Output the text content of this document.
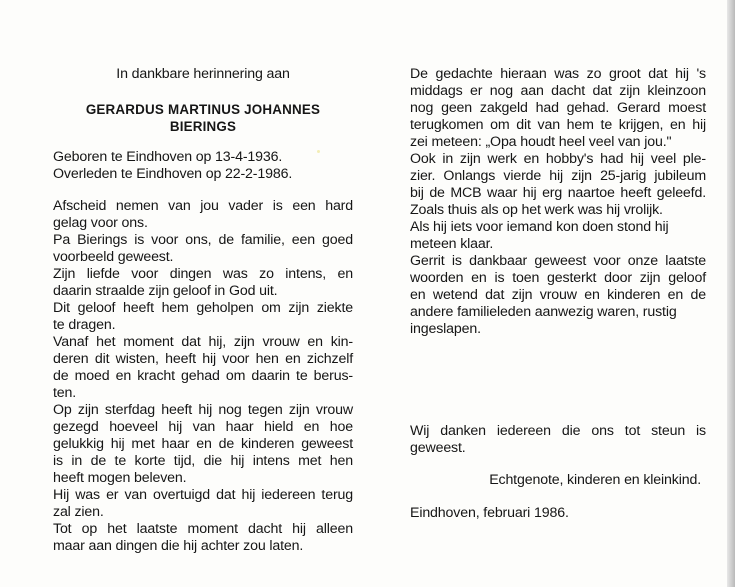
In dankbare herinnering aan
GERARDUS MARTINUS JOHANNES
BIERINGS
Geboren te Eindhoven op 13-4-1936.
Overleden te Eindhoven op 22-2-1986.
Afscheid nemen van jou vader is een hard
gelag voor ons.
Pa Bierings is voor ons, de familie, een goed
voorbeeld geweest.
Zijn liefde voor dingen was zo intens, en
daarin straalde zijn geloof in God uit.
Dit geloof heeft hem geholpen om zijn ziekte
te dragen.
Vanaf het moment dat hij, zijn vrouw en kin-
deren dit wisten, heeft hij voor hen en zichzelf
de moed en kracht gehad om daarin te berus-
ten.
Op zijn sterfdag heeft hij nog tegen zijn vrouw
gezegd hoeveel hij van haar hield en hoe
gelukkig hij met haar en de kinderen geweest
is in de te korte tijd, die hij intens met hen
heeft mogen beleven.
Hij was er van overtuigd dat hij iedereen terug
zal zien.
Tot op het laatste moment dacht hij alleen
maar aan dingen die hij achter zou laten.
De gedachte hieraan was zo groot dat hij 's
middags er nog aan dacht dat zijn kleinzoon
nog geen zakgeld had gehad. Gerard moest
terugkomen om dit van hem te krijgen, en hij
zei meteen: „Opa houdt heel veel van jou."
Ook in zijn werk en hobby's had hij veel ple-
zier. Onlangs vierde hij zijn 25-jarig jubileum
bij de MCB waar hij erg naartoe heeft geleefd.
Zoals thuis als op het werk was hij vrolijk.
Als hij iets voor iemand kon doen stond hij
meteen klaar.
Gerrit is dankbaar geweest voor onze laatste
woorden en is toen gesterkt door zijn geloof
en wetend dat zijn vrouw en kinderen en de
andere familieleden aanwezig waren, rustig
ingeslapen.
Wij danken iedereen die ons tot steun is
geweest.
Echtgenote, kinderen en kleinkind.
Eindhoven, februari 1986.
